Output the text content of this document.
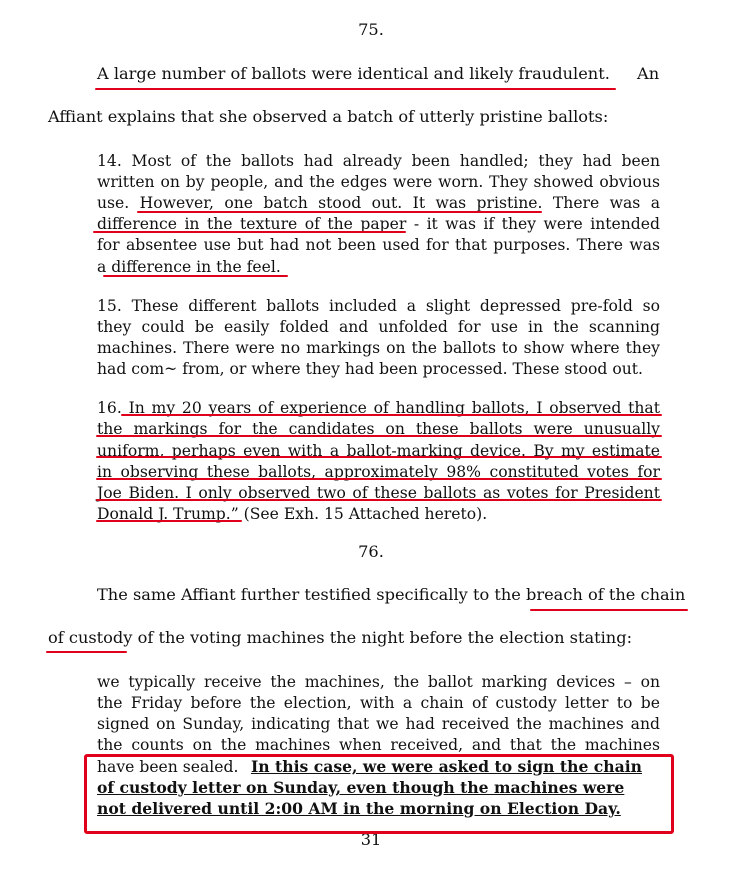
75.
A large number of ballots were identical and likely fraudulent. An
Affiant explains that she observed a batch of utterly pristine ballots:
14. Most of the ballots had already been handled; they had been
written on by people, and the edges were worn. They showed obvious
use. However, one batch stood out. It was pristine. There was a
difference in the texture of the paper - it was if they were intended
for absentee use but had not been used for that purposes. There was
a difference in the feel.
15. These different ballots included a slight depressed pre-fold so
they could be easily folded and unfolded for use in the scanning
machines. There were no markings on the ballots to show where they
had com~ from, or where they had been processed. These stood out.
16. In my 20 years of experience of handling ballots, I observed that
the markings for the candidates on these ballots were unusually
uniform, perhaps even with a ballot-marking device. By my estimate
in observing these ballots, approximately 98% constituted votes for
Joe Biden. I only observed two of these ballots as votes for President
Donald J. Trump.” (See Exh. 15 Attached hereto).
76.
The same Affiant further testified specifically to the breach of the chain
of custody of the voting machines the night before the election stating:
we typically receive the machines, the ballot marking devices – on
the Friday before the election, with a chain of custody letter to be
signed on Sunday, indicating that we had received the machines and
the counts on the machines when received, and that the machines
have been sealed. In this case, we were asked to sign the chain
of custody letter on Sunday, even though the machines were
not delivered until 2:00 AM in the morning on Election Day.
31
